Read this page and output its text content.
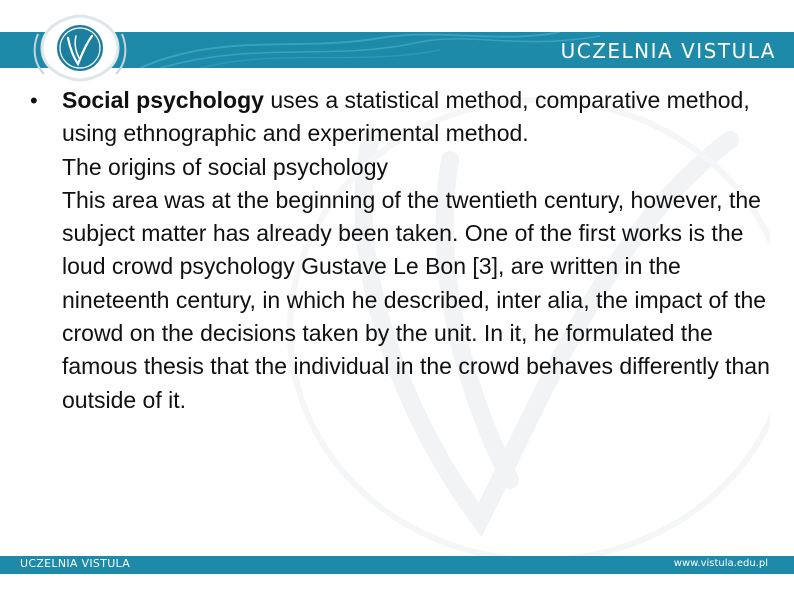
UCZELNIA VISTULA
•	Social psychology uses a statistical method, comparative method, using ethnographic and experimental method.

The origins of social psychology

This area was at the beginning of the twentieth century, however, the subject matter has already been taken. One of the first works is the loud crowd psychology Gustave Le Bon [3], are written in the nineteenth century, in which he described, inter alia, the impact of the crowd on the decisions taken by the unit. In it, he formulated the famous thesis that the individual in the crowd behaves differently than outside of it.

UCZELNIA VISTULA	www.vistula.edu.pl
